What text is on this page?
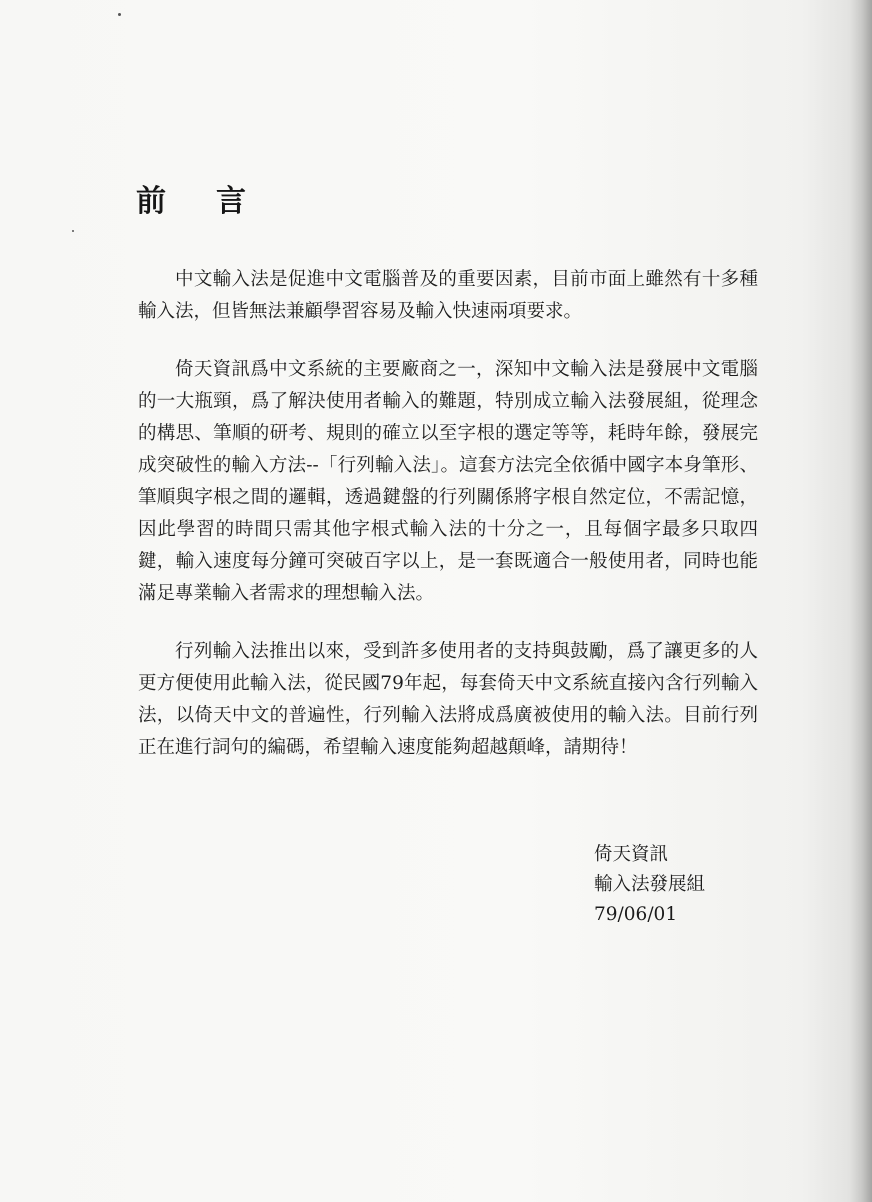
前言

中文輸入法是促進中文電腦普及的重要因素，目前市面上雖然有十多種輸入法，但皆無法兼顧學習容易及輸入快速兩項要求。

倚天資訊爲中文系統的主要廠商之一，深知中文輸入法是發展中文電腦的一大瓶頸，爲了解決使用者輸入的難題，特別成立輸入法發展組，從理念的構思、筆順的研考、規則的確立以至字根的選定等等，耗時年餘，發展完成突破性的輸入方法--「行列輸入法」。這套方法完全依循中國字本身筆形、筆順與字根之間的邏輯，透過鍵盤的行列關係將字根自然定位，不需記憶，因此學習的時間只需其他字根式輸入法的十分之一，且每個字最多只取四鍵，輸入速度每分鐘可突破百字以上，是一套既適合一般使用者，同時也能滿足專業輸入者需求的理想輸入法。

行列輸入法推出以來，受到許多使用者的支持與鼓勵，爲了讓更多的人更方便使用此輸入法，從民國79年起，每套倚天中文系統直接內含行列輸入法，以倚天中文的普遍性，行列輸入法將成爲廣被使用的輸入法。目前行列正在進行詞句的編碼，希望輸入速度能夠超越顛峰，請期待！

倚天資訊
輸入法發展組
79/06/01
